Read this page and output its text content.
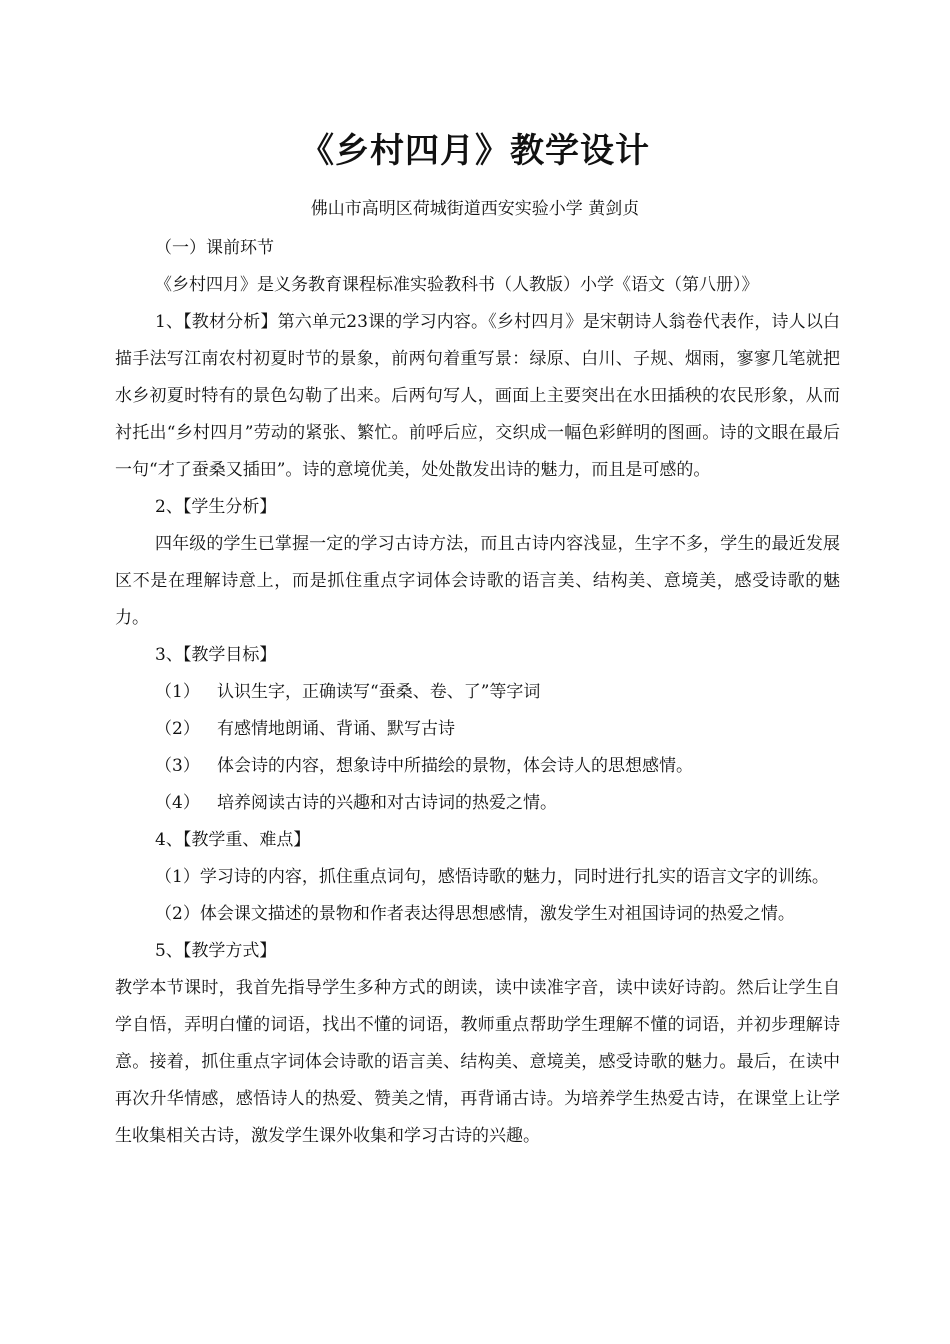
《乡村四月》教学设计
佛山市高明区荷城街道西安实验小学 黄剑贞

（一）课前环节

《乡村四月》是义务教育课程标准实验教科书（人教版）小学《语文（第八册）》

1、【教材分析】第六单元23课的学习内容。《乡村四月》是宋朝诗人翁卷代表作，诗人以白描手法写江南农村初夏时节的景象，前两句着重写景：绿原、白川、子规、烟雨，寥寥几笔就把水乡初夏时特有的景色勾勒了出来。后两句写人，画面上主要突出在水田插秧的农民形象，从而衬托出“乡村四月”劳动的紧张、繁忙。前呼后应，交织成一幅色彩鲜明的图画。诗的文眼在最后一句“才了蚕桑又插田”。诗的意境优美，处处散发出诗的魅力，而且是可感的。

2、【学生分析】

四年级的学生已掌握一定的学习古诗方法，而且古诗内容浅显，生字不多，学生的最近发展区不是在理解诗意上，而是抓住重点字词体会诗歌的语言美、结构美、意境美，感受诗歌的魅力。

3、【教学目标】

（1） 认识生字，正确读写“蚕桑、卷、了”等字词

（2） 有感情地朗诵、背诵、默写古诗

（3） 体会诗的内容，想象诗中所描绘的景物，体会诗人的思想感情。

（4） 培养阅读古诗的兴趣和对古诗词的热爱之情。

4、【教学重、难点】

（1）学习诗的内容，抓住重点词句，感悟诗歌的魅力，同时进行扎实的语言文字的训练。

（2）体会课文描述的景物和作者表达得思想感情，激发学生对祖国诗词的热爱之情。

5、【教学方式】

教学本节课时，我首先指导学生多种方式的朗读，读中读准字音，读中读好诗韵。然后让学生自学自悟，弄明白懂的词语，找出不懂的词语，教师重点帮助学生理解不懂的词语，并初步理解诗意。接着，抓住重点字词体会诗歌的语言美、结构美、意境美，感受诗歌的魅力。最后，在读中再次升华情感，感悟诗人的热爱、赞美之情，再背诵古诗。为培养学生热爱古诗，在课堂上让学生收集相关古诗，激发学生课外收集和学习古诗的兴趣。
